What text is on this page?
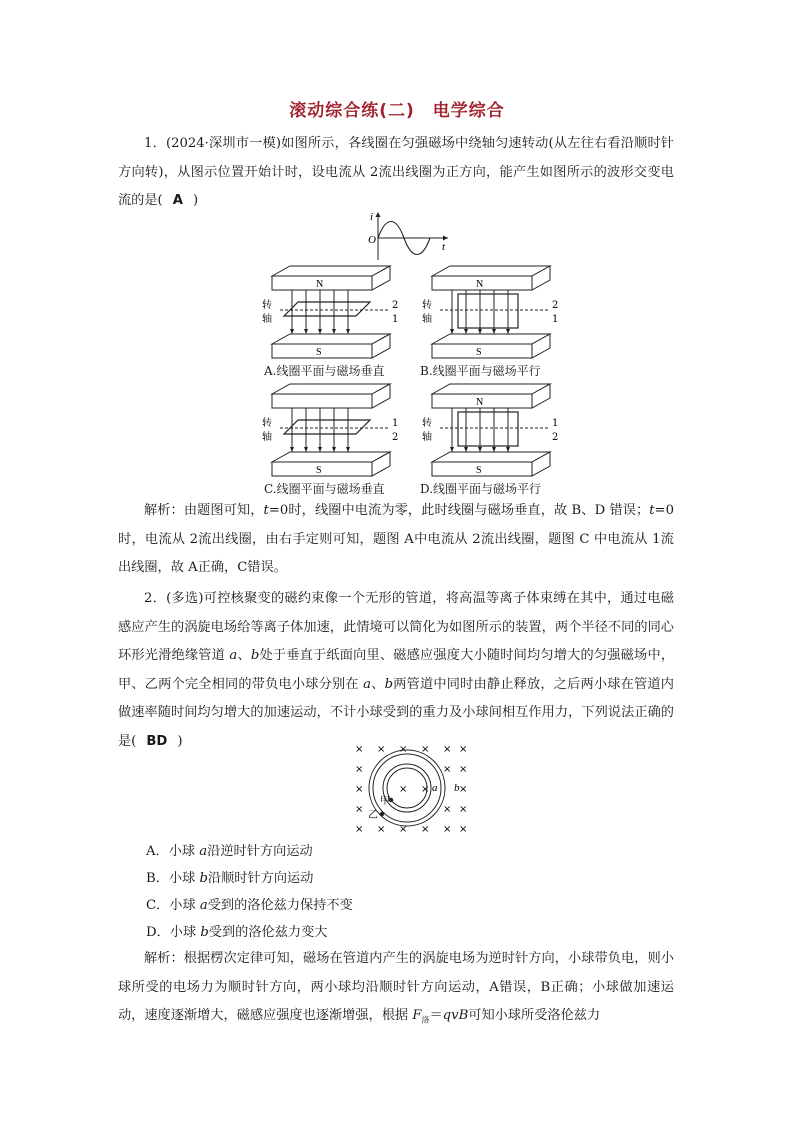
滚动综合练(二)　电学综合
1．(2024·深圳市一模)如图所示，各线圈在匀强磁场中绕轴匀速转动(从左往右看沿顺时针方向转)，从图示位置开始计时，设电流从 2流出线圈为正方向，能产生如图所示的波形交变电流的是( A )
i
O
t
N
转
轴
2
1
S
A.线圈平面与磁场垂直
N
转
轴
2
1
S
B.线圈平面与磁场平行
转
轴
1
2
S
C.线圈平面与磁场垂直
N
转
轴
1
2
S
D.线圈平面与磁场平行
解析：由题图可知，t=0时，线圈中电流为零，此时线圈与磁场垂直，故 B、D 错误；t=0时，电流从 2流出线圈，由右手定则可知，题图 A中电流从 2流出线圈，题图 C 中电流从 1流出线圈，故 A正确，C错误。
2．(多选)可控核聚变的磁约束像一个无形的管道，将高温等离子体束缚在其中，通过电磁感应产生的涡旋电场给等离子体加速，此情境可以简化为如图所示的装置，两个半径不同的同心环形光滑绝缘管道 a、b处于垂直于纸面向里、磁感应强度大小随时间均匀增大的匀强磁场中，甲、乙两个完全相同的带负电小球分别在 a、b两管道中同时由静止释放，之后两小球在管道内做速率随时间均匀增大的加速运动，不计小球受到的重力及小球间相互作用力，下列说法正确的是( BD )
× × × × × ×
×	× ×
×	× ×	×
×	× ×
× × × × × ×
a b
甲
乙
A．小球 a沿逆时针方向运动
B．小球 b沿顺时针方向运动
C．小球 a受到的洛伦兹力保持不变
D．小球 b受到的洛伦兹力变大
解析：根据楞次定律可知，磁场在管道内产生的涡旋电场为逆时针方向，小球带负电，则小球所受的电场力为顺时针方向，两小球均沿顺时针方向运动，A错误，B正确；小球做加速运动，速度逐渐增大，磁感应强度也逐渐增强，根据 $F_洛=qvB$可知小球所受洛伦兹力
